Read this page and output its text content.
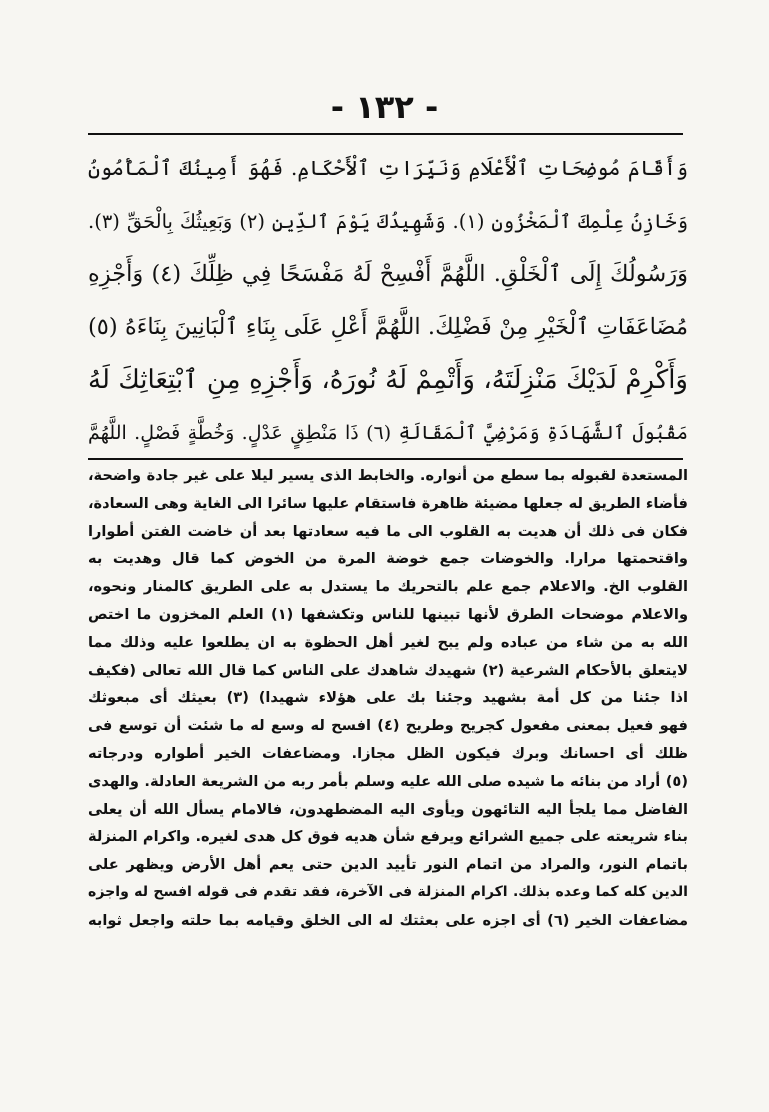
- ١٣٢ -
وَأَقَامَ مُوضِحَاتِ ٱلْأَعْلَامِ وَنَيِّرَاتِ ٱلْأَحْكَامِ. فَهُوَ أَمِينُكَ ٱلْمَأْمُونُ
وَخَازِنُ عِلْمِكَ ٱلْمَخْزُونِ (١). وَشَهِيدُكَ يَوْمَ ٱلدِّينِ (٢) وَبَعِيثُكَ بِالْحَقِّ (٣).
وَرَسُولُكَ إِلَى ٱلْخَلْقِ. اللَّهُمَّ أَفْسِحْ لَهُ مَفْسَحًا فِي ظِلِّكَ (٤) وَأَجْزِهِ
مُضَاعَفَاتِ ٱلْخَيْرِ مِنْ فَضْلِكَ. اللَّهُمَّ أَعْلِ عَلَى بِنَاءِ ٱلْبَانِينَ بِنَاءَهُ (٥)
وَأَكْرِمْ لَدَيْكَ مَنْزِلَتَهُ، وَأَتْمِمْ لَهُ نُورَهُ، وَأَجْزِهِ مِنِ ٱبْتِعَاثِكَ لَهُ
مَقْبُولَ ٱلشَّهَادَةِ وَمَرْضِيَّ ٱلْمَقَالَةِ (٦) ذَا مَنْطِقٍ عَدْلٍ. وَخُطَّةٍ فَصْلٍ. اللَّهُمَّ
المستعدة لقبوله بما سطع من أنواره. والخابط الذى يسير ليلا على غير جادة واضحة،
فأضاء الطريق له جعلها مضيئة ظاهرة فاستقام عليها سائرا الى الغاية وهى السعادة،
فكان فى ذلك أن هديت به القلوب الى ما فيه سعادتها بعد أن خاضت الفتن أطوارا
واقتحمتها مرارا. والخوضات جمع خوضة المرة من الخوض كما قال وهديت به
القلوب الخ. والاعلام جمع علم بالتحريك ما يستدل به على الطريق كالمنار ونحوه،
والاعلام موضحات الطرق لأنها تبينها للناس وتكشفها (١) العلم المخزون ما اختص
الله به من شاء من عباده ولم يبح لغير أهل الحظوة به ان يطلعوا عليه وذلك مما
لايتعلق بالأحكام الشرعية (٢) شهيدك شاهدك على الناس كما قال الله تعالى (فكيف
اذا جئنا من كل أمة بشهيد وجئنا بك على هؤلاء شهيدا) (٣) بعيثك أى مبعوثك
فهو فعيل بمعنى مفعول كجريح وطريح (٤) افسح له وسع له ما شئت أن توسع فى
ظلك أى احسانك وبرك فيكون الظل مجازا. ومضاعفات الخير أطواره ودرجاته
(٥) أراد من بنائه ما شيده صلى الله عليه وسلم بأمر ربه من الشريعة العادلة. والهدى
الفاضل مما يلجأ اليه التائهون ويأوى اليه المضطهدون، فالامام يسأل الله أن يعلى
بناء شريعته على جميع الشرائع ويرفع شأن هديه فوق كل هدى لغيره. واكرام المنزلة
باتمام النور، والمراد من اتمام النور تأييد الدين حتى يعم أهل الأرض ويظهر على
الدين كله كما وعده بذلك. اكرام المنزلة فى الآخرة، فقد تقدم فى قوله افسح له واجزه
مضاعفات الخير (٦) أى اجزه على بعثتك له الى الخلق وقيامه بما حلته واجعل ثوابه
